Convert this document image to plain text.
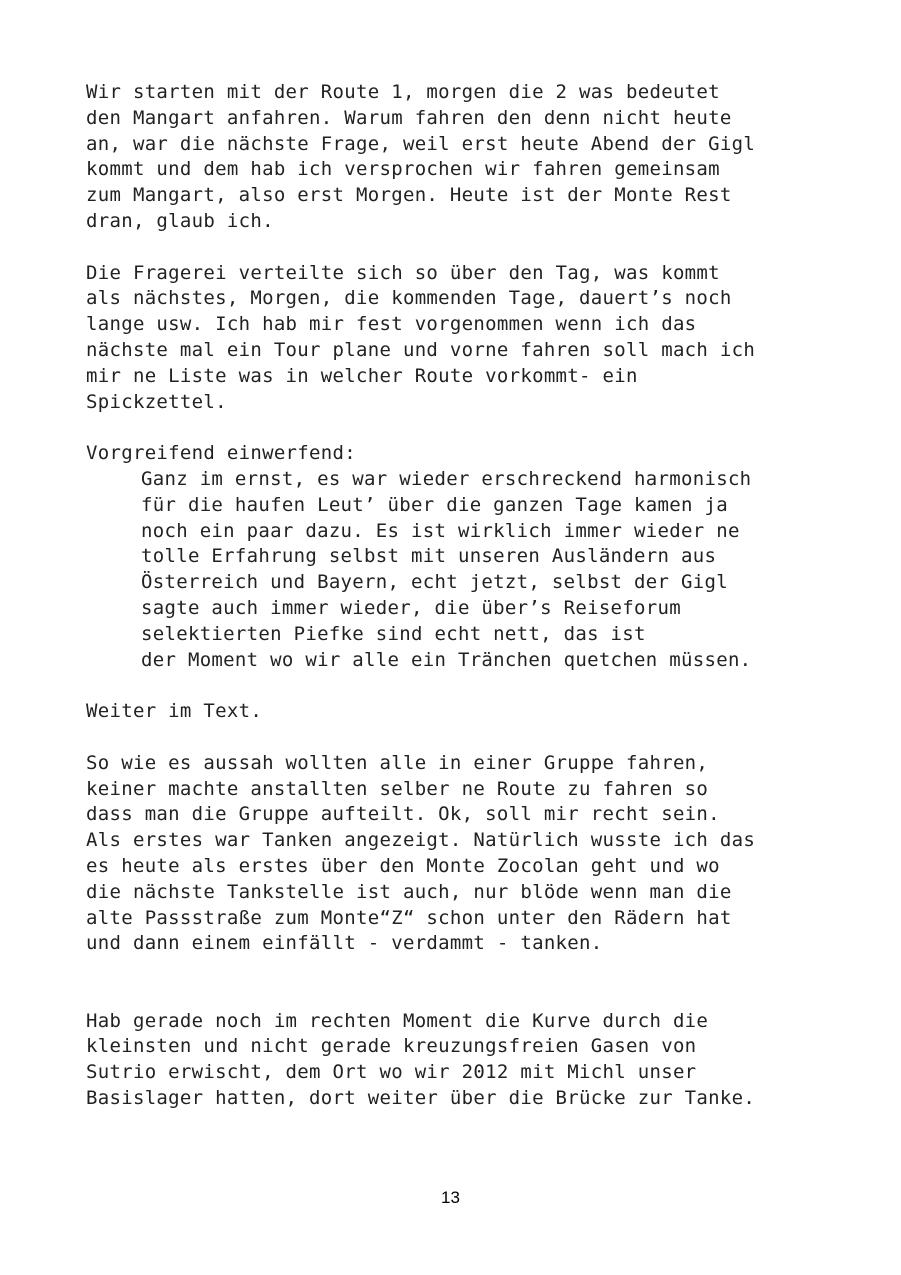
Wir starten mit der Route 1, morgen die 2 was bedeutet
den Mangart anfahren. Warum fahren den denn nicht heute
an, war die nächste Frage, weil erst heute Abend der Gigl
kommt und dem hab ich versprochen wir fahren gemeinsam
zum Mangart, also erst Morgen. Heute ist der Monte Rest
dran, glaub ich.

Die Fragerei verteilte sich so über den Tag, was kommt
als nächstes, Morgen, die kommenden Tage, dauert’s noch
lange usw. Ich hab mir fest vorgenommen wenn ich das
nächste mal ein Tour plane und vorne fahren soll mach ich
mir ne Liste was in welcher Route vorkommt- ein
Spickzettel.

Vorgreifend einwerfend:

Ganz im ernst, es war wieder erschreckend harmonisch
für die haufen Leut’ über die ganzen Tage kamen ja
noch ein paar dazu. Es ist wirklich immer wieder ne
tolle Erfahrung selbst mit unseren Ausländern aus
Österreich und Bayern, echt jetzt, selbst der Gigl
sagte auch immer wieder, die über’s Reiseforum
selektierten Piefke sind echt nett, das ist
der Moment wo wir alle ein Tränchen quetchen müssen.

Weiter im Text.

So wie es aussah wollten alle in einer Gruppe fahren,
keiner machte anstallten selber ne Route zu fahren so
dass man die Gruppe aufteilt. Ok, soll mir recht sein.
Als erstes war Tanken angezeigt. Natürlich wusste ich das
es heute als erstes über den Monte Zocolan geht und wo
die nächste Tankstelle ist auch, nur blöde wenn man die
alte Passstraße zum Monte“Z“ schon unter den Rädern hat
und dann einem einfällt - verdammt - tanken.

Hab gerade noch im rechten Moment die Kurve durch die
kleinsten und nicht gerade kreuzungsfreien Gasen von
Sutrio erwischt, dem Ort wo wir 2012 mit Michl unser
Basislager hatten, dort weiter über die Brücke zur Tanke.

13
